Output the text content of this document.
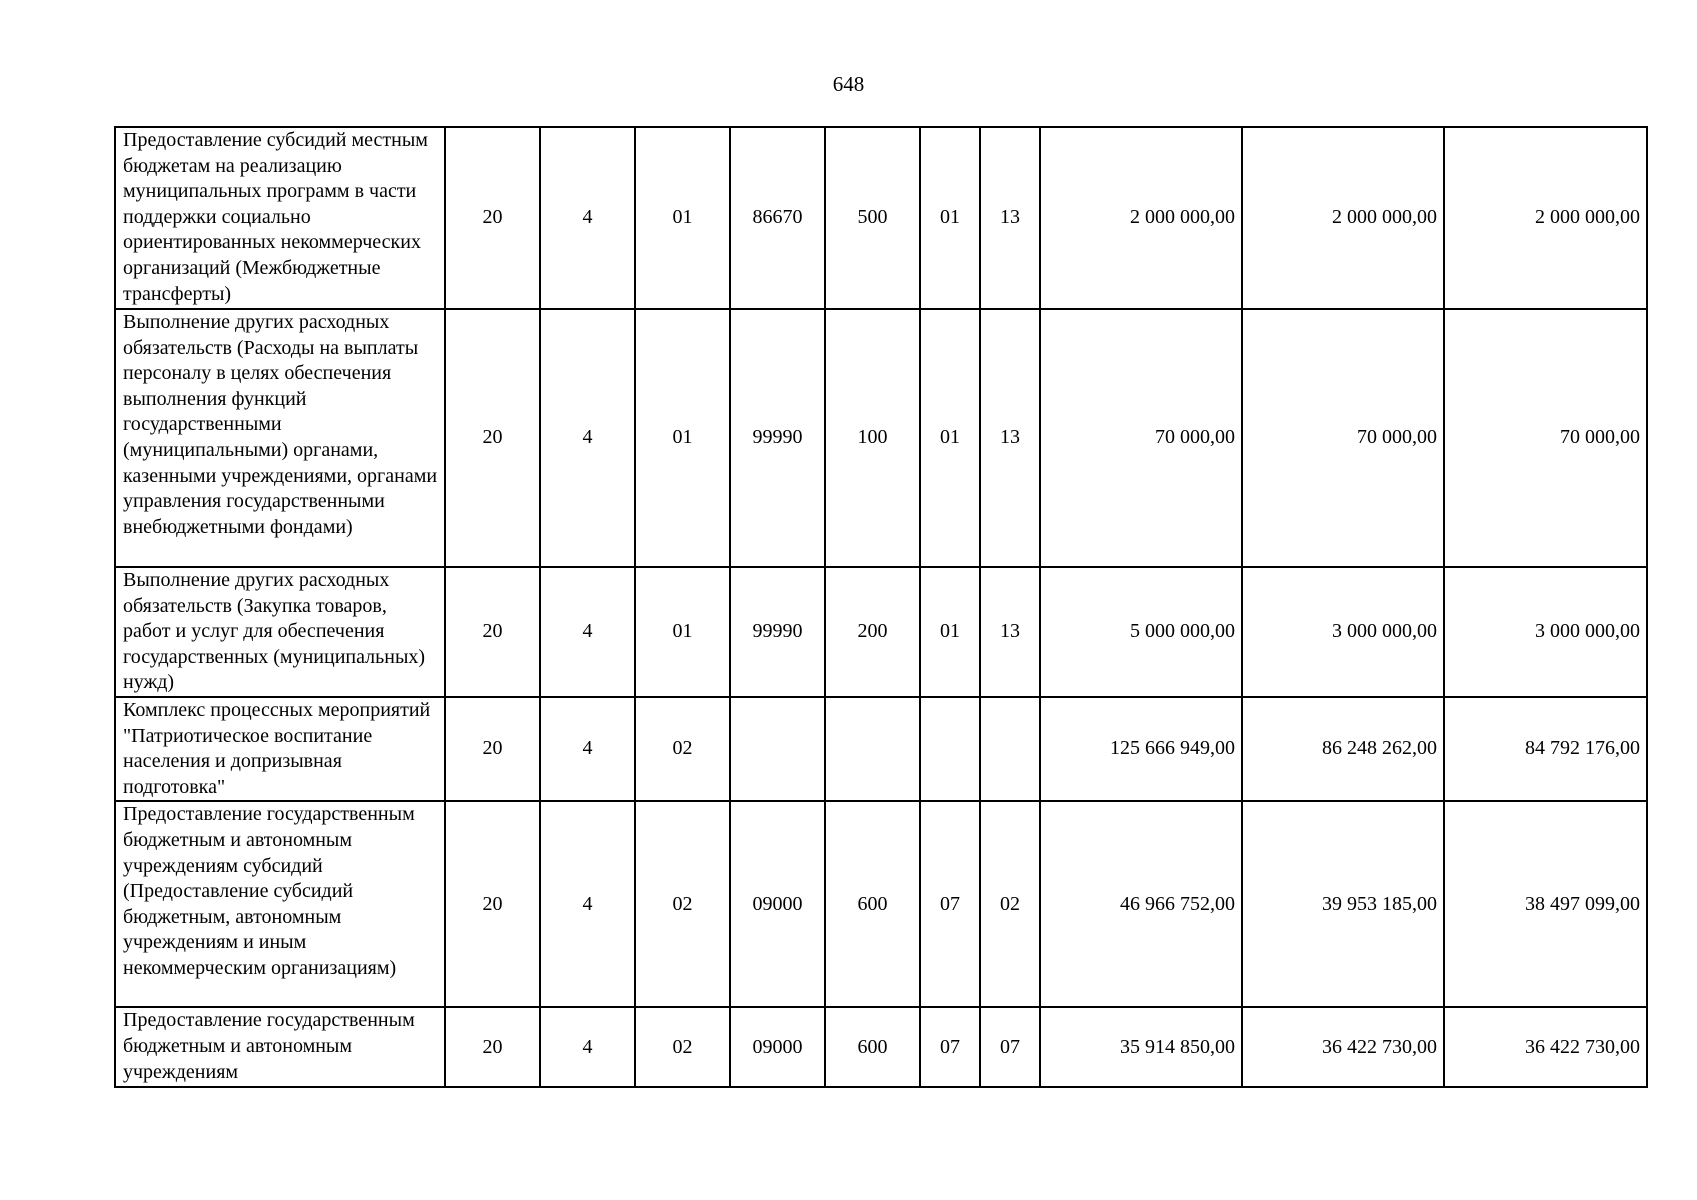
648
Предоставление субсидий местным бюджетам на реализацию муниципальных программ в части поддержки социально ориентированных некоммерческих организаций (Межбюджетные трансферты)	20	4	01	86670	500	01	13	2 000 000,00	2 000 000,00	2 000 000,00
Выполнение других расходных обязательств (Расходы на выплаты персоналу в целях обеспечения выполнения функций государственными (муниципальными) органами, казенными учреждениями, органами управления государственными внебюджетными фондами)	20	4	01	99990	100	01	13	70 000,00	70 000,00	70 000,00
Выполнение других расходных обязательств (Закупка товаров, работ и услуг для обеспечения государственных (муниципальных) нужд)	20	4	01	99990	200	01	13	5 000 000,00	3 000 000,00	3 000 000,00
Комплекс процессных мероприятий "Патриотическое воспитание населения и допризывная подготовка"	20	4	02					125 666 949,00	86 248 262,00	84 792 176,00
Предоставление государственным бюджетным и автономным учреждениям субсидий (Предоставление субсидий бюджетным, автономным учреждениям и иным некоммерческим организациям)	20	4	02	09000	600	07	02	46 966 752,00	39 953 185,00	38 497 099,00
Предоставление государственным бюджетным и автономным учреждениям	20	4	02	09000	600	07	07	35 914 850,00	36 422 730,00	36 422 730,00
